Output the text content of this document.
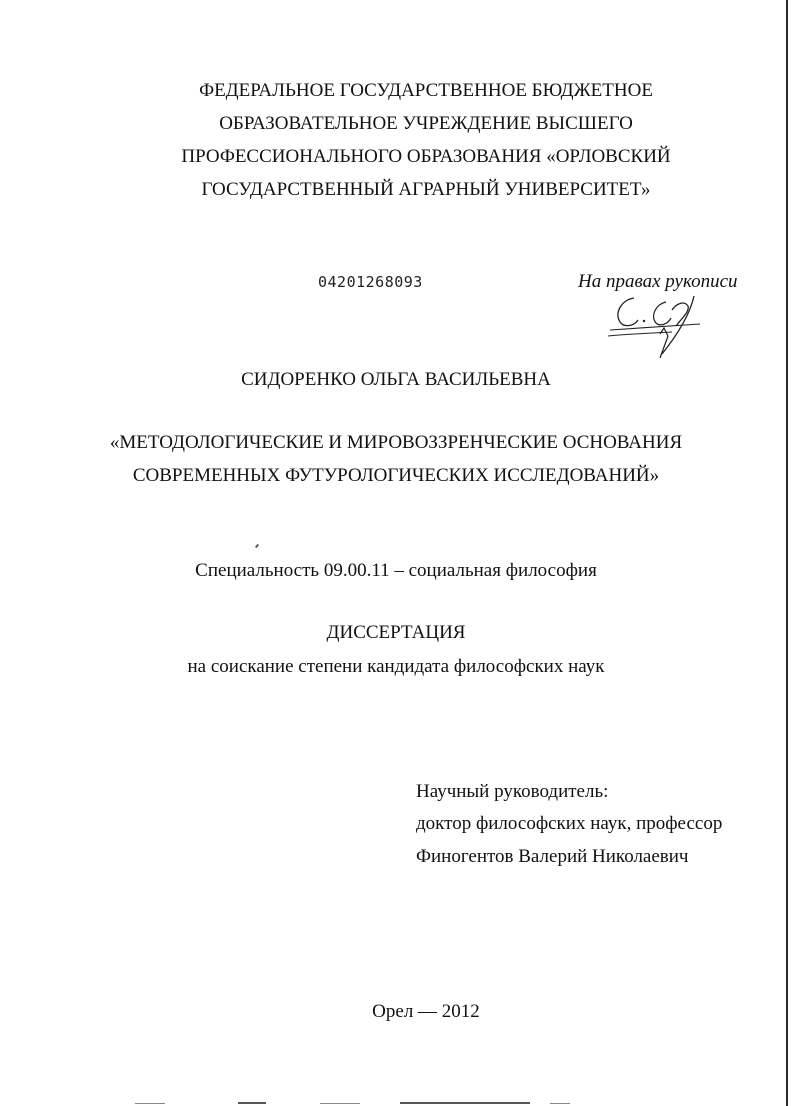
ФЕДЕРАЛЬНОЕ ГОСУДАРСТВЕННОЕ БЮДЖЕТНОЕ
ОБРАЗОВАТЕЛЬНОЕ УЧРЕЖДЕНИЕ ВЫСШЕГО
ПРОФЕССИОНАЛЬНОГО ОБРАЗОВАНИЯ «ОРЛОВСКИЙ
ГОСУДАРСТВЕННЫЙ АГРАРНЫЙ УНИВЕРСИТЕТ»
04201268093	На правах рукописи
СИДОРЕНКО ОЛЬГА ВАСИЛЬЕВНА
«МЕТОДОЛОГИЧЕСКИЕ И МИРОВОЗЗРЕНЧЕСКИЕ ОСНОВАНИЯ
СОВРЕМЕННЫХ ФУТУРОЛОГИЧЕСКИХ ИССЛЕДОВАНИЙ»
Специальность 09.00.11 – социальная философия
ДИССЕРТАЦИЯ
на соискание степени кандидата философских наук
Научный руководитель:
доктор философских наук, профессор
Финогентов Валерий Николаевич
Орел — 2012
